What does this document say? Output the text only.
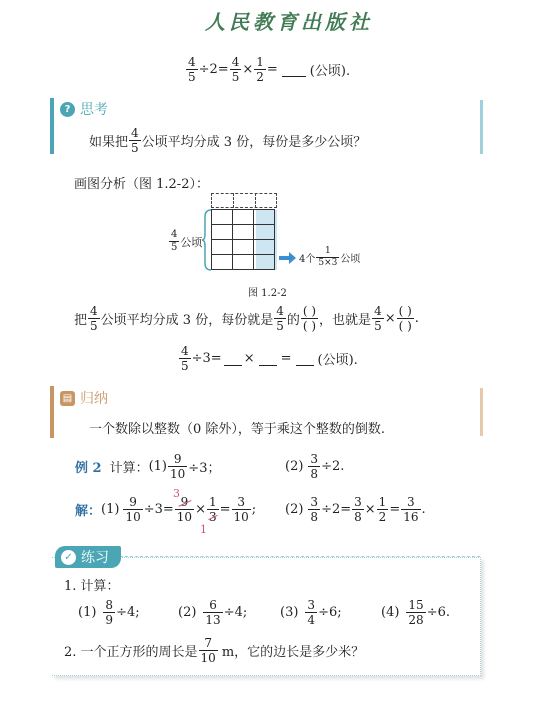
人民教育出版社
$\frac{4}{5} \div 2= \frac{4}{5} \times \frac{1}{2}$ = (公顷).
? 思考
如果把 $\frac{4}{5}$ 公顷平均分成 3 份，每份是多少公顷？
画图分析（图 1.2-2）：

$\frac{4}{5}$ 公顷
4个 $\frac{1}{5\times 3}$ 公顷
图 1.2-2
把 $\frac{4}{5}$ 公顷平均分成 3 份，每份就是 $\frac{4}{5}$ 的 $\frac{( )}{( )}$ ，也就是 $\frac{4}{5} \times \frac{( )}{( )}$ .
$\frac{4}{5} \div 3=$ × = (公顷).
▤ 归纳
一个数除以整数（0 除外），等于乘这个整数的倒数.
例 2 计算： $(1) \frac{9}{10} \div 3$；	$(2) \frac{3}{8} \div 2$.
解： $(1) \frac{9}{10} \div 3= \frac{9}{10} \times \frac{1}{3} = \frac{3}{10}$ ;
3
1
$(2) \frac{3}{8} \div 2= \frac{3}{8} \times \frac{1}{2} = \frac{3}{16}$ .
✓ 练习
1. 计算：
$(1) \frac{8}{9} \div 4$;	$(2) \frac{6}{13} \div 4$;	$(3) \frac{3}{4} \div 6$;	$(4) \frac{15}{28} \div 6$.
2. 一个正方形的周长是 $\frac{7}{10}$ m，它的边长是多少米？
